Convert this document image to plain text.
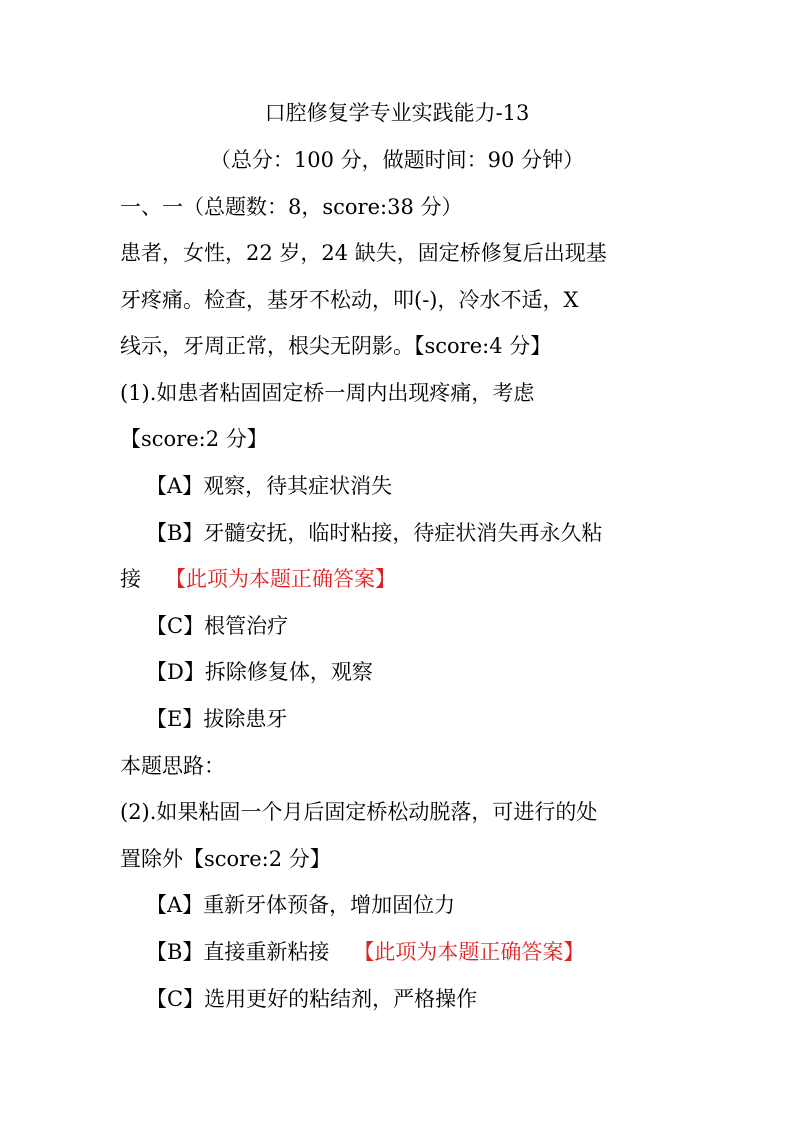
口腔修复学专业实践能力-13
（总分：100 分，做题时间：90 分钟）
一、一（总题数：8，score:38 分）
患者，女性，22 岁，24 缺失，固定桥修复后出现基
牙疼痛。检查，基牙不松动，叩(-)，冷水不适，X
线示，牙周正常，根尖无阴影。【score:4 分】
(1).如患者粘固固定桥一周内出现疼痛，考虑
【score:2 分】
【A】观察，待其症状消失
【B】牙髓安抚，临时粘接，待症状消失再永久粘
接 【此项为本题正确答案】
【C】根管治疗
【D】拆除修复体，观察
【E】拔除患牙
本题思路：
(2).如果粘固一个月后固定桥松动脱落，可进行的处
置除外【score:2 分】
【A】重新牙体预备，增加固位力
【B】直接重新粘接 【此项为本题正确答案】
【C】选用更好的粘结剂，严格操作
